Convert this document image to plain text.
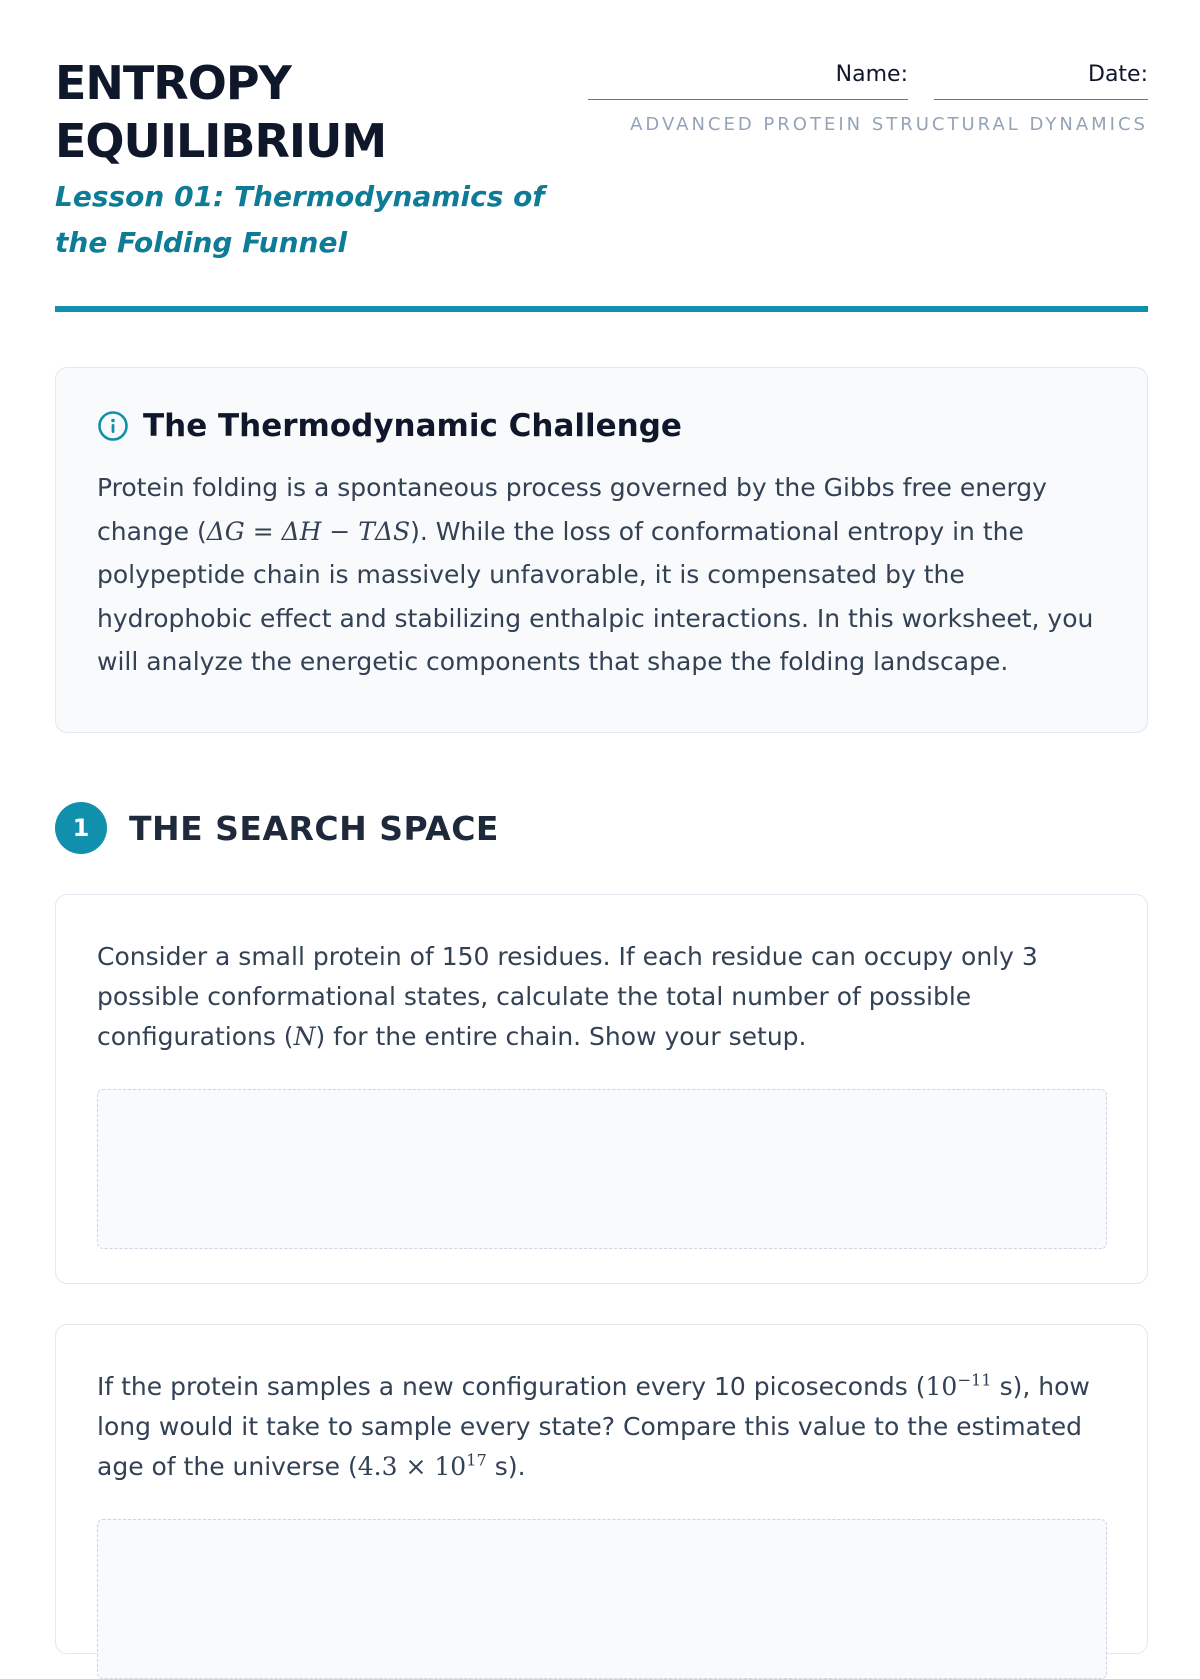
ENTROPY
EQUILIBRIUM
Lesson 01: Thermodynamics of the Folding Funnel
Name:	Date:
ADVANCED PROTEIN STRUCTURAL DYNAMICS
The Thermodynamic Challenge
Protein folding is a spontaneous process governed by the Gibbs free energy change (ΔG = ΔH − TΔS). While the loss of conformational entropy in the polypeptide chain is massively unfavorable, it is compensated by the hydrophobic effect and stabilizing enthalpic interactions. In this worksheet, you will analyze the energetic components that shape the folding landscape.
1	THE SEARCH SPACE
Consider a small protein of 150 residues. If each residue can occupy only 3 possible conformational states, calculate the total number of possible configurations (N) for the entire chain. Show your setup.
If the protein samples a new configuration every 10 picoseconds ($10^{-11}$ s), how long would it take to sample every state? Compare this value to the estimated age of the universe ($4.3 \times 10^{17}$ s).
